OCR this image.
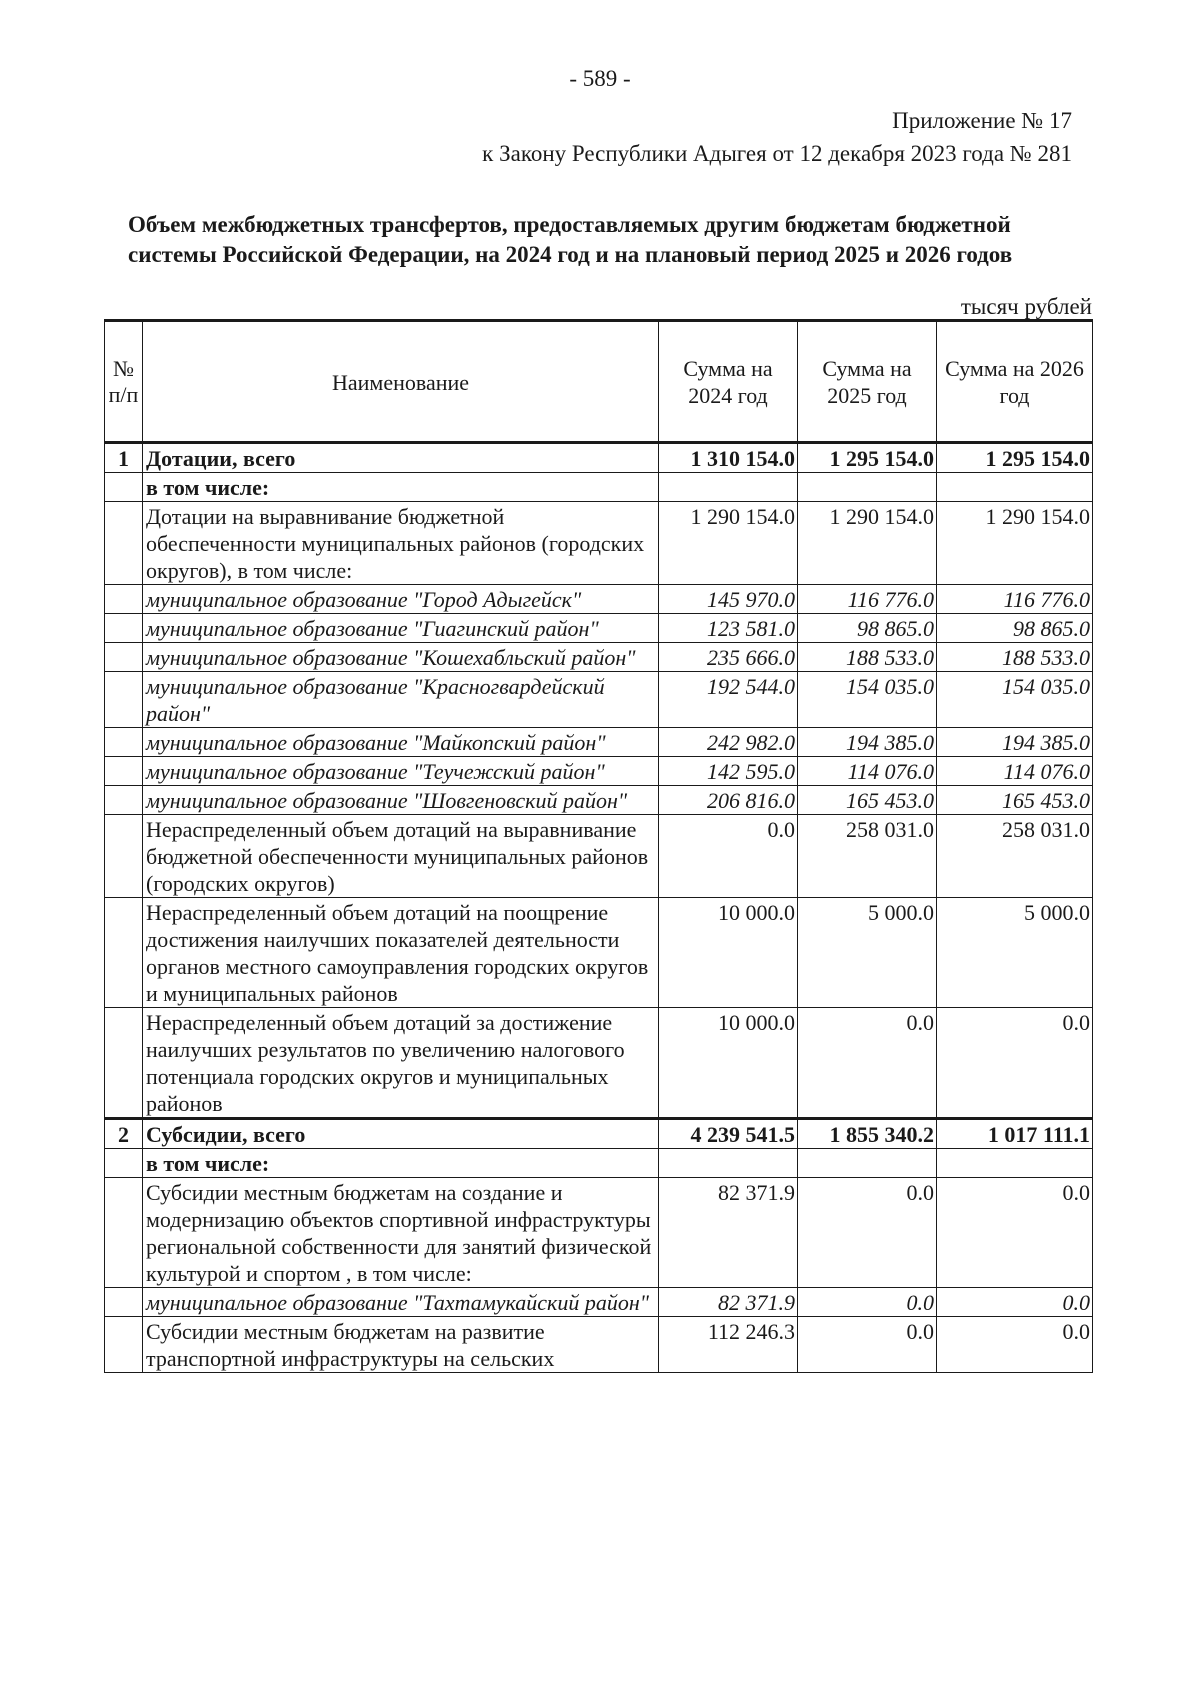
- 589 -
Приложение № 17
к Закону Республики Адыгея от 12 декабря 2023 года № 281
Объем межбюджетных трансфертов, предоставляемых другим бюджетам бюджетной системы Российской Федерации, на 2024 год и на плановый период 2025 и 2026 годов
тысяч рублей
№ п/п	Наименование	Сумма на 2024 год	Сумма на 2025 год	Сумма на 2026 год
1	Дотации, всего	1 310 154.0	1 295 154.0	1 295 154.0
	в том числе:			
	Дотации на выравнивание бюджетной обеспеченности муниципальных районов (городских округов), в том числе:	1 290 154.0	1 290 154.0	1 290 154.0
	муниципальное образование "Город Адыгейск"	145 970.0	116 776.0	116 776.0
	муниципальное образование "Гиагинский район"	123 581.0	98 865.0	98 865.0
	муниципальное образование "Кошехабльский район"	235 666.0	188 533.0	188 533.0
	муниципальное образование "Красногвардейский район"	192 544.0	154 035.0	154 035.0
	муниципальное образование "Майкопский район"	242 982.0	194 385.0	194 385.0
	муниципальное образование "Теучежский район"	142 595.0	114 076.0	114 076.0
	муниципальное образование "Шовгеновский район"	206 816.0	165 453.0	165 453.0
	Нераспределенный объем дотаций на выравнивание бюджетной обеспеченности муниципальных районов (городских округов)	0.0	258 031.0	258 031.0
	Нераспределенный объем дотаций на поощрение достижения наилучших показателей деятельности органов местного самоуправления городских округов и муниципальных районов	10 000.0	5 000.0	5 000.0
	Нераспределенный объем дотаций за достижение наилучших результатов по увеличению налогового потенциала городских округов и муниципальных районов	10 000.0	0.0	0.0
2	Субсидии, всего	4 239 541.5	1 855 340.2	1 017 111.1
	в том числе:			
	Субсидии местным бюджетам на создание и модернизацию объектов спортивной инфраструктуры региональной собственности для занятий физической культурой и спортом , в том числе:	82 371.9	0.0	0.0
	муниципальное образование "Тахтамукайский район"	82 371.9	0.0	0.0
	Субсидии местным бюджетам на развитие транспортной инфраструктуры на сельских	112 246.3	0.0	0.0
